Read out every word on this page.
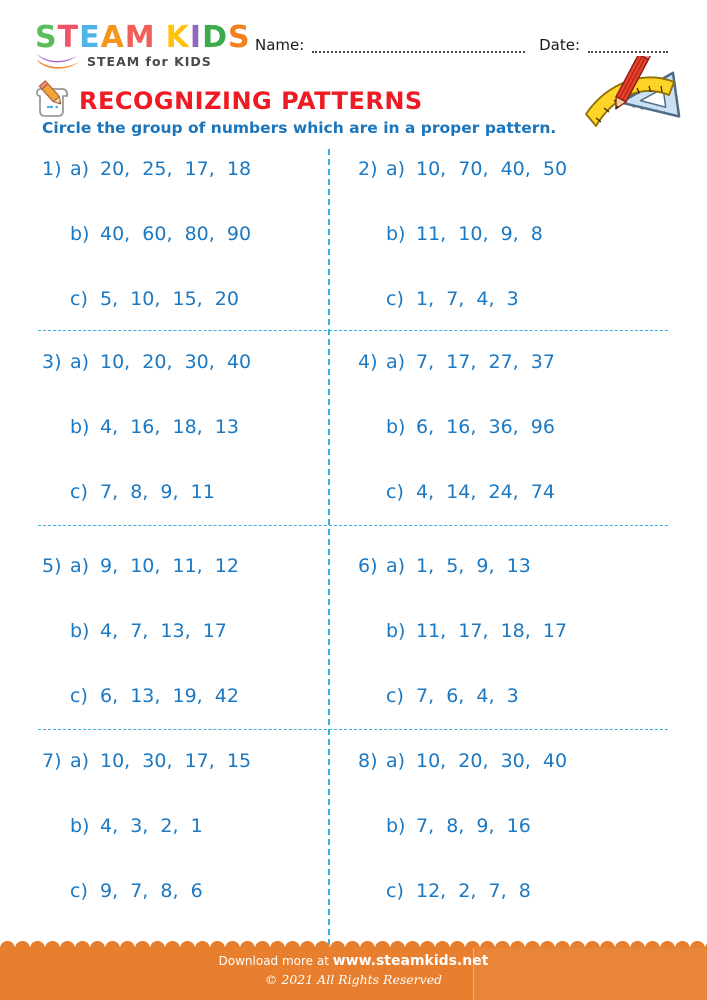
STEAM KIDS
STEAM for KIDS
Name:	Date:
RECOGNIZING PATTERNS
Circle the group of numbers which are in a proper pattern.
1) a) 20,  25,  17,  18
b) 40,  60,  80,  90
c) 5,  10,  15,  20
2) a) 10,  70,  40,  50
b) 11,  10,  9,  8
c) 1,  7,  4,  3
3) a) 10,  20,  30,  40
b) 4,  16,  18,  13
c) 7,  8,  9,  11
4) a) 7,  17,  27,  37
b) 6,  16,  36,  96
c) 4,  14,  24,  74
5) a) 9,  10,  11,  12
b) 4,  7,  13,  17
c) 6,  13,  19,  42
6) a) 1,  5,  9,  13
b) 11,  17,  18,  17
c) 7,  6,  4,  3
7) a) 10,  30,  17,  15
b) 4,  3,  2,  1
c) 9,  7,  8,  6
8) a) 10,  20,  30,  40
b) 7,  8,  9,  16
c) 12,  2,  7,  8
Download more at www.steamkids.net
© 2021 All Rights Reserved
